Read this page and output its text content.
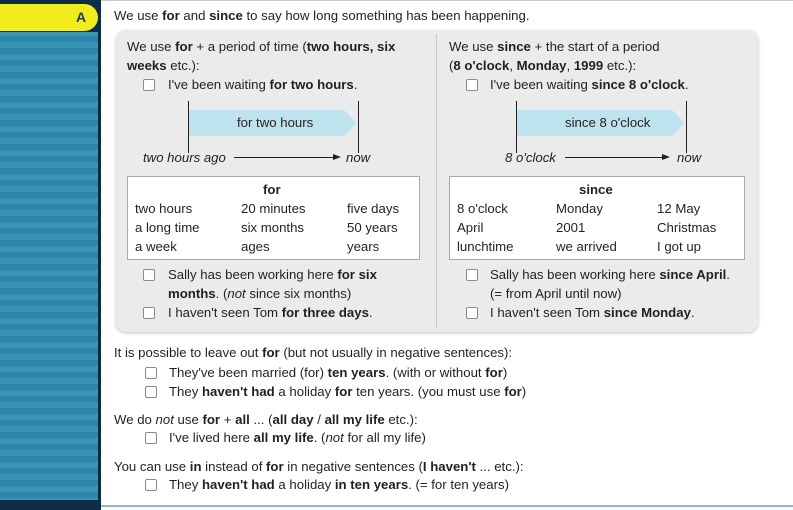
A We use for and since to say how long something has been happening.
We use for + a period of time (two hours, six
weeks etc.):
I've been waiting for two hours.
for two hours
two hours ago	now
for
two hours	20 minutes	five days
a long time	six months	50 years
a week	ages	years
Sally has been working here for six
months. (not since six months)
I haven't seen Tom for three days.
We use since + the start of a period
(8 o'clock, Monday, 1999 etc.):
I've been waiting since 8 o'clock.
since 8 o'clock
8 o'clock	now
since
8 o'clock	Monday	12 May
April	2001	Christmas
lunchtime	we arrived	I got up
Sally has been working here since April.
(= from April until now)
I haven't seen Tom since Monday.
It is possible to leave out for (but not usually in negative sentences):
They've been married (for) ten years. (with or without for)
They haven't had a holiday for ten years. (you must use for)
We do not use for + all ... (all day / all my life etc.):
I've lived here all my life. (not for all my life)
You can use in instead of for in negative sentences (I haven't ... etc.):
They haven't had a holiday in ten years. (= for ten years)
